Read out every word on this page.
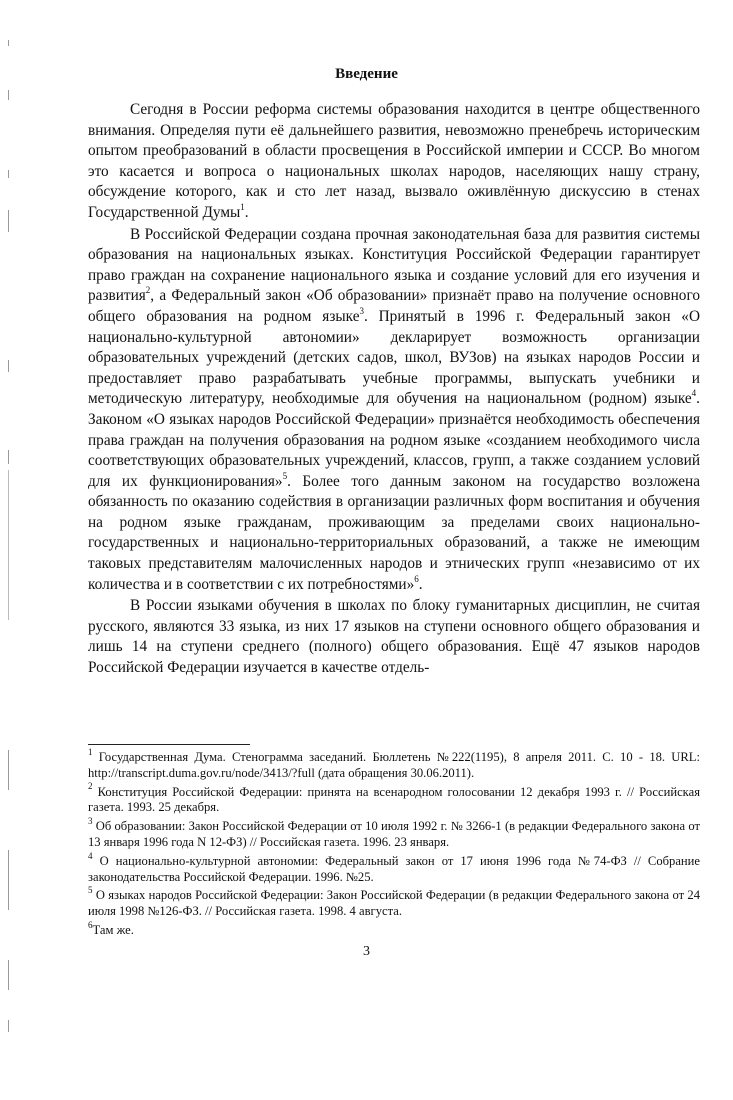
Введение

Сегодня в России реформа системы образования находится в центре общественного внимания. Определяя пути её дальнейшего развития, невозможно пренебречь историческим опытом преобразований в области просвещения в Российской империи и СССР. Во многом это касается и вопроса о национальных школах народов, населяющих нашу страну, обсуждение которого, как и сто лет назад, вызвало оживлённую дискуссию в стенах Государственной Думы$^1$.

В Российской Федерации создана прочная законодательная база для развития системы образования на национальных языках. Конституция Российской Федерации гарантирует право граждан на сохранение национального языка и создание условий для его изучения и развития$^2$, а Федеральный закон «Об образовании» признаёт право на получение основного общего образования на родном языке$^3$. Принятый в 1996 г. Федеральный закон «О национально-культурной автономии» декларирует возможность организации образовательных учреждений (детских садов, школ, ВУЗов) на языках народов России и предоставляет право разрабатывать учебные программы, выпускать учебники и методическую литературу, необходимые для обучения на национальном (родном) языке$^4$. Законом «О языках народов Российской Федерации» признаётся необходимость обеспечения права граждан на получения образования на родном языке «созданием необходимого числа соответствующих образовательных учреждений, классов, групп, а также созданием условий для их функционирования»$^5$. Более того данным законом на государство возложена обязанность по оказанию содействия в организации различных форм воспитания и обучения на родном языке гражданам, проживающим за пределами своих национально-государственных и национально-территориальных образований, а также не имеющим таковых представителям малочисленных народов и этнических групп «независимо от их количества и в соответствии с их потребностями»$^6$.

В России языками обучения в школах по блоку гуманитарных дисциплин, не считая русского, являются 33 языка, из них 17 языков на ступени основного общего образования и лишь 14 на ступени среднего (полного) общего образования. Ещё 47 языков народов Российской Федерации изучается в качестве отдель-

$^1$ Государственная Дума. Стенограмма заседаний. Бюллетень №222(1195), 8 апреля 2011. С. 10 - 18. URL: http://transcript.duma.gov.ru/node/3413/?full (дата обращения 30.06.2011).
$^2$ Конституция Российской Федерации: принята на всенародном голосовании 12 декабря 1993 г. // Российская газета. 1993. 25 декабря.
$^3$ Об образовании: Закон Российской Федерации от 10 июля 1992 г. № 3266-1 (в редакции Федерального закона от 13 января 1996 года N 12-ФЗ) // Российская газета. 1996. 23 января.
$^4$ О национально-культурной автономии: Федеральный закон от 17 июня 1996 года №74-ФЗ // Собрание законодательства Российской Федерации. 1996. №25.
$^5$ О языках народов Российской Федерации: Закон Российской Федерации (в редакции Федерального закона от 24 июля 1998 №126-ФЗ. // Российская газета. 1998. 4 августа.
$^6$Там же.
3
